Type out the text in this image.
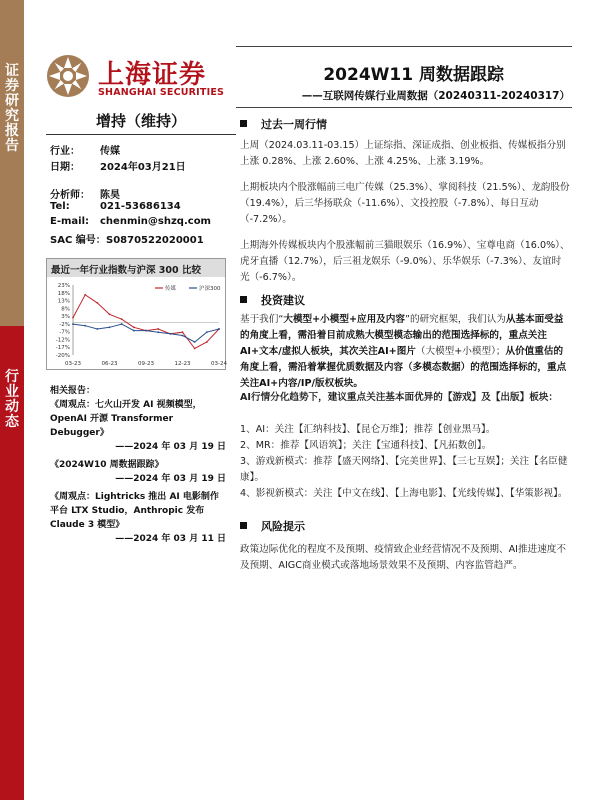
证券研究报告
行业动态
上海证券
SHANGHAI SECURITIES
2024W11 周数据跟踪
——互联网传媒行业周数据（20240311-20240317）
增持（维持）
行业： 传媒
日期： 2024年03月21日
分析师： 陈昊
Tel:	021-53686134
E-mail: chenmin@shzq.com
SAC 编号：S0870522020001
最近一年行业指数与沪深 300 比较
23%
18%
13%
8%
3%
-2%
-7%
-12%
-17%
-20%
03-23	06-23	09-23	12-23	03-24
传媒	沪深300
相关报告：
《周观点：七火山开发 AI 视频模型，OpenAI 开源 Transformer Debugger》
——2024 年 03 月 19 日
《2024W10 周数据跟踪》
——2024 年 03 月 19 日
《周观点：Lightricks 推出 AI 电影制作平台 LTX Studio，Anthropic 发布 Claude 3 模型》
——2024 年 03 月 11 日
过去一周行情
上周（2024.03.11-03.15）上证综指、深证成指、创业板指、传媒板指分别上涨 0.28%、上涨 2.60%、上涨 4.25%、上涨 3.19%。
上期板块内个股涨幅前三电广传媒（25.3%）、掌阅科技（21.5%）、龙韵股份（19.4%），后三华扬联众（-11.6%）、文投控股（-7.8%）、每日互动（-7.2%）。
上期海外传媒板块内个股涨幅前三猫眼娱乐（16.9%）、宝尊电商（16.0%）、虎牙直播（12.7%），后三祖龙娱乐（-9.0%）、乐华娱乐（-7.3%）、友谊时光（-6.7%）。
投资建议
基于我们“大模型+小模型+应用及内容”的研究框架，我们认为从基本面受益的角度上看，需沿着目前成熟大模型模态输出的范围选择标的，重点关注AI+文本/虚拟人板块，其次关注AI+图片（大模型+小模型）；从价值重估的角度上看，需沿着掌握优质数据及内容（多模态数据）的范围选择标的，重点关注AI+内容/IP/版权板块。
AI行情分化趋势下，建议重点关注基本面优异的【游戏】及【出版】板块：
1、AI：关注【汇纳科技】、【昆仑万维】；推荐【创业黑马】。
2、MR：推荐【风语筑】；关注【宝通科技】、【凡拓数创】。
3、游戏新模式：推荐【盛天网络】、【完美世界】、【三七互娱】；关注【名臣健康】。
4、影视新模式：关注【中文在线】、【上海电影】、【光线传媒】、【华策影视】。
风险提示
政策边际优化的程度不及预期、疫情致企业经营情况不及预期、AI推进速度不及预期、AIGC商业模式或落地场景效果不及预期、内容监管趋严。
